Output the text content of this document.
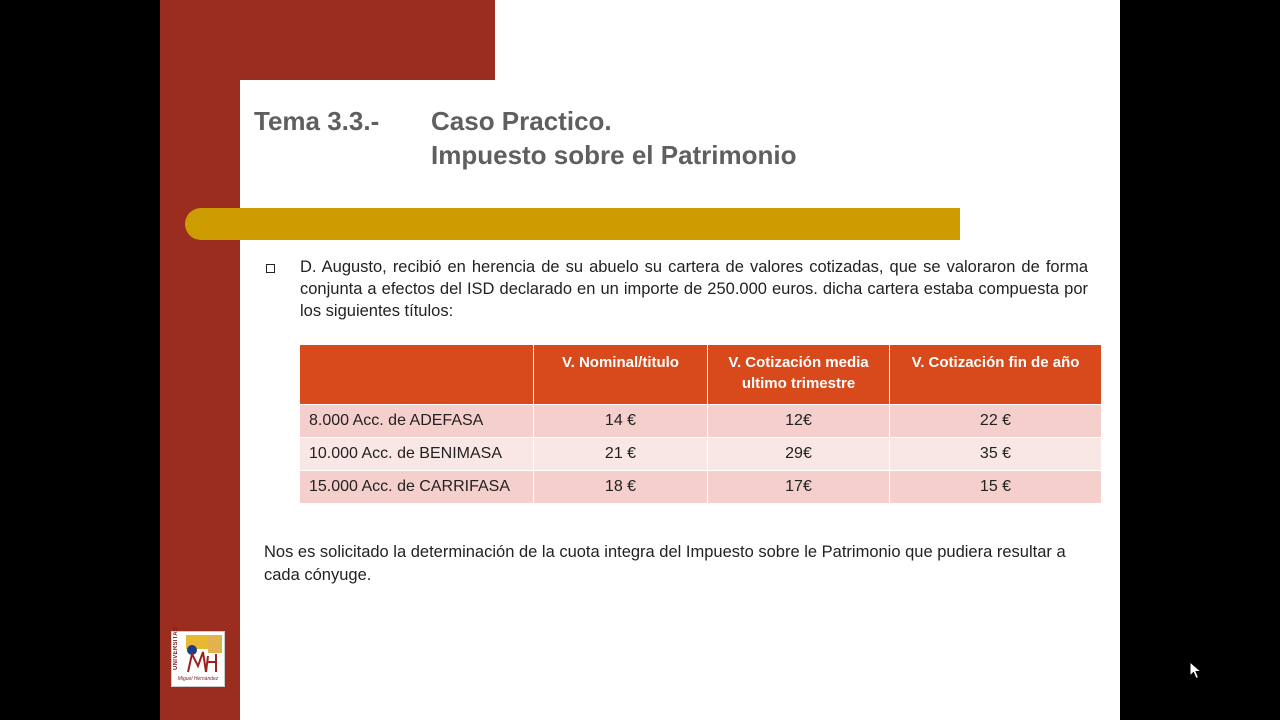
Tema 3.3.- Caso Practico.
Impuesto sobre el Patrimonio
D. Augusto, recibió en herencia de su abuelo su cartera de valores cotizadas, que se valoraron de forma conjunta a efectos del ISD declarado en un importe de 250.000 euros. dicha cartera estaba compuesta por los siguientes títulos:
	V. Nominal/titulo	V. Cotización media ultimo trimestre	V. Cotización fin de año
8.000 Acc. de ADEFASA	14 €	12€	22 €
10.000 Acc. de BENIMASA	21 €	29€	35 €
15.000 Acc. de CARRIFASA	18 €	17€	15 €
Nos es solicitado la determinación de la cuota integra del Impuesto sobre le Patrimonio que pudiera resultar a cada cónyuge.
UNIVERSITAS
Miguel Hernández
